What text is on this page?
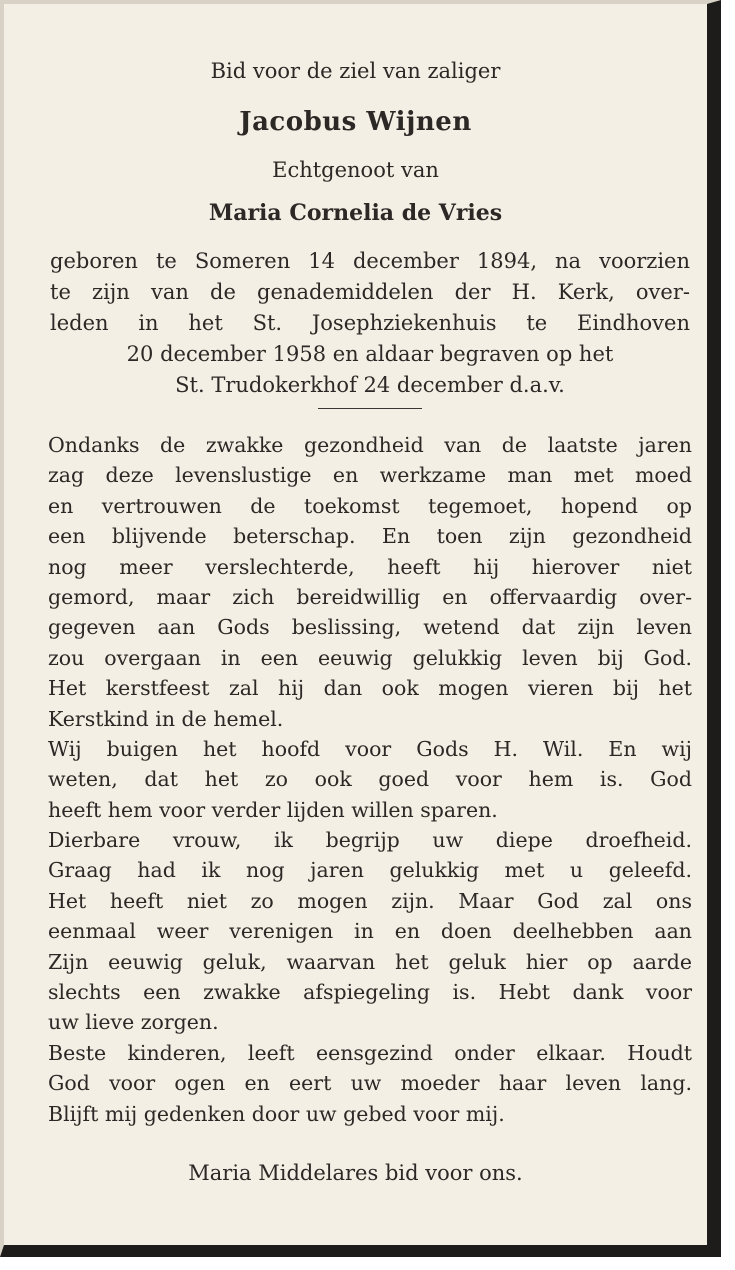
Bid voor de ziel van zaliger
Jacobus Wijnen
Echtgenoot van
Maria Cornelia de Vries
geboren te Someren 14 december 1894, na voorzien
te zijn van de genademiddelen der H. Kerk, over-
leden in het St. Josephziekenhuis te Eindhoven
20 december 1958 en aldaar begraven op het
St. Trudokerkhof 24 december d.a.v.
Ondanks de zwakke gezondheid van de laatste jaren
zag deze levenslustige en werkzame man met moed
en vertrouwen de toekomst tegemoet, hopend op
een blijvende beterschap. En toen zijn gezondheid
nog meer verslechterde, heeft hij hierover niet
gemord, maar zich bereidwillig en offervaardig over-
gegeven aan Gods beslissing, wetend dat zijn leven
zou overgaan in een eeuwig gelukkig leven bij God.
Het kerstfeest zal hij dan ook mogen vieren bij het
Kerstkind in de hemel.
Wij buigen het hoofd voor Gods H. Wil. En wij
weten, dat het zo ook goed voor hem is. God
heeft hem voor verder lijden willen sparen.
Dierbare vrouw, ik begrijp uw diepe droefheid.
Graag had ik nog jaren gelukkig met u geleefd.
Het heeft niet zo mogen zijn. Maar God zal ons
eenmaal weer verenigen in en doen deelhebben aan
Zijn eeuwig geluk, waarvan het geluk hier op aarde
slechts een zwakke afspiegeling is. Hebt dank voor
uw lieve zorgen.
Beste kinderen, leeft eensgezind onder elkaar. Houdt
God voor ogen en eert uw moeder haar leven lang.
Blijft mij gedenken door uw gebed voor mij.
Maria Middelares bid voor ons.
